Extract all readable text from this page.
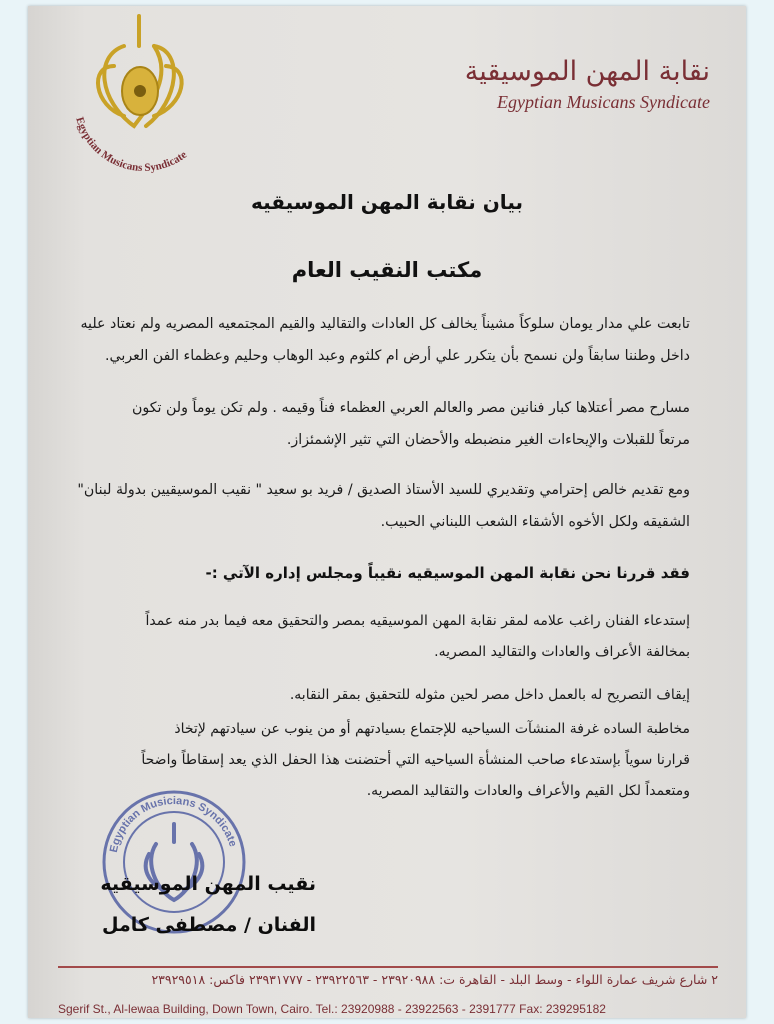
Egyptian Musicans Syndicate
نقابة المهن الموسيقية
Egyptian Musicans Syndicate
بيان نقابة المهن الموسيقيه
مكتب النقيب العام
تابعت علي مدار يومان سلوكاً مشيناً يخالف كل العادات والتقاليد والقيم المجتمعيه المصريه ولم نعتاد عليه
داخل وطننا سابقاً ولن نسمح بأن يتكرر علي أرض ام كلثوم وعبد الوهاب وحليم وعظماء الفن العربي.
مسارح مصر أعتلاها كبار فنانين مصر والعالم العربي العظماء فناً وقيمه . ولم تكن يوماً ولن تكون
مرتعاً للقبلات والإيحاءات الغير منضبطه والأحضان التي تثير الإشمئزاز.
ومع تقديم خالص إحترامي وتقديري للسيد الأستاذ الصديق / فريد بو سعيد " نقيب الموسيقيين بدولة لبنان"
الشقيقه ولكل الأخوه الأشقاء الشعب اللبناني الحبيب.
فقد قررنا نحن نقابة المهن الموسيقيه نقيباً ومجلس إداره الآتي :-
إستدعاء الفنان راغب علامه لمقر نقابة المهن الموسيقيه بمصر والتحقيق معه فيما بدر منه عمداً
بمخالفة الأعراف والعادات والتقاليد المصريه.
إيقاف التصريح له بالعمل داخل مصر لحين مثوله للتحقيق بمقر النقابه.
مخاطبة الساده غرفة المنشآت السياحيه للإجتماع بسيادتهم أو من ينوب عن سيادتهم لإتخاذ
قرارنا سوياً بإستدعاء صاحب المنشأة السياحيه التي أحتضنت هذا الحفل الذي يعد إسقاطاً واضحاً
ومتعمداً لكل القيم والأعراف والعادات والتقاليد المصريه.
Egyptian Musicians Syndicate
نقيب المهن الموسيقيه
الفنان / مصطفى كامل
٢ شارع شريف عمارة اللواء - وسط البلد - القاهرة ت: ٢٣٩٢٠٩٨٨ - ٢٣٩٢٢٥٦٣ - ٢٣٩٣١٧٧٧ فاكس: ٢٣٩٢٩٥١٨
Sgerif St., Al-lewaa Building, Down Town, Cairo. Tel.: 23920988 - 23922563 - 2391777 Fax: 239295182
